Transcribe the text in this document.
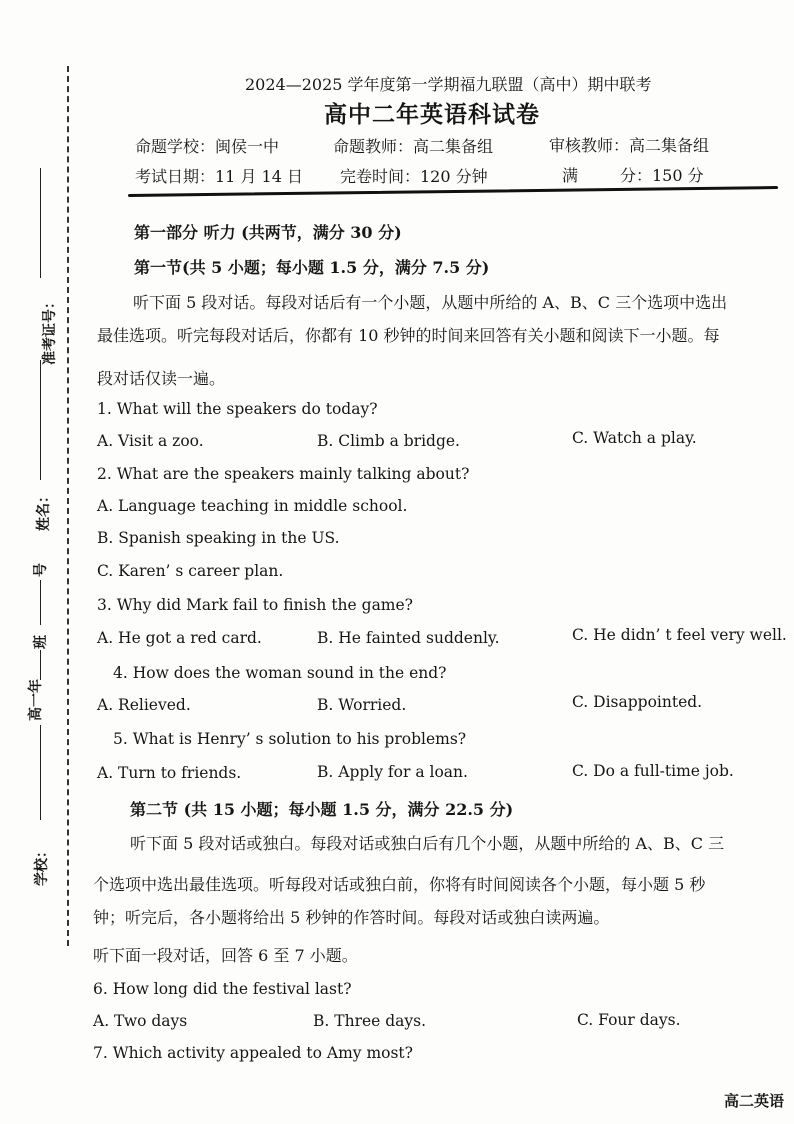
准考证号：
姓名：
号
班
高一年
学校：
2024—2025 学年度第一学期福九联盟（高中）期中联考
高中二年英语科试卷
命题学校：闽侯一中	命题教师：高二集备组	审核教师：高二集备组
考试日期：11 月 14 日 完卷时间：120 分钟	满	分：150 分
第一部分 听力 (共两节，满分 30 分)
第一节(共 5 小题；每小题 1.5 分，满分 7.5 分)
听下面 5 段对话。每段对话后有一个小题，从题中所给的 A、B、C 三个选项中选出
最佳选项。听完每段对话后，你都有 10 秒钟的时间来回答有关小题和阅读下一小题。每
段对话仅读一遍。
1. What will the speakers do today?
A. Visit a zoo.	B. Climb a bridge.	C. Watch a play.
2. What are the speakers mainly talking about?
A. Language teaching in middle school.
B. Spanish speaking in the US.
C. Karen’ s career plan.
3. Why did Mark fail to finish the game?
A. He got a red card.	B. He fainted suddenly.	C. He didn’ t feel very well.
4. How does the woman sound in the end?
A. Relieved.	B. Worried.	C. Disappointed.
5. What is Henry’ s solution to his problems?
A. Turn to friends.	B. Apply for a loan.	C. Do a full-time job.
第二节 (共 15 小题；每小题 1.5 分，满分 22.5 分)
听下面 5 段对话或独白。每段对话或独白后有几个小题，从题中所给的 A、B、C 三
个选项中选出最佳选项。听每段对话或独白前，你将有时间阅读各个小题，每小题 5 秒
钟；听完后，各小题将给出 5 秒钟的作答时间。每段对话或独白读两遍。
听下面一段对话，回答 6 至 7 小题。
6. How long did the festival last?
A. Two days	B. Three days.	C. Four days.
7. Which activity appealed to Amy most?
高二英语
